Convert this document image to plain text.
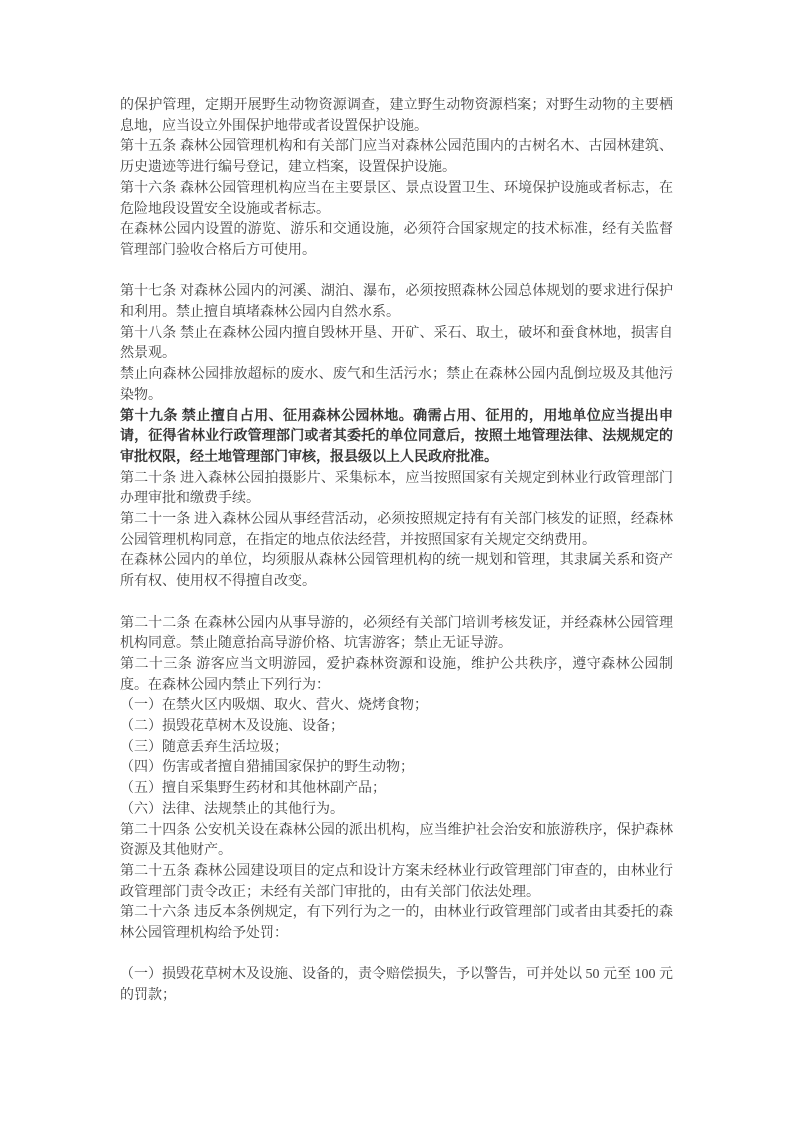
的保护管理，定期开展野生动物资源调查，建立野生动物资源档案；对野生动物的主要栖息地，应当设立外围保护地带或者设置保护设施。

第十五条 森林公园管理机构和有关部门应当对森林公园范围内的古树名木、古园林建筑、历史遗迹等进行编号登记，建立档案，设置保护设施。

第十六条 森林公园管理机构应当在主要景区、景点设置卫生、环境保护设施或者标志，在危险地段设置安全设施或者标志。

在森林公园内设置的游览、游乐和交通设施，必须符合国家规定的技术标准，经有关监督管理部门验收合格后方可使用。

第十七条 对森林公园内的河溪、湖泊、瀑布，必须按照森林公园总体规划的要求进行保护和利用。禁止擅自填堵森林公园内自然水系。

第十八条 禁止在森林公园内擅自毁林开垦、开矿、采石、取土，破坏和蚕食林地，损害自然景观。

禁止向森林公园排放超标的废水、废气和生活污水；禁止在森林公园内乱倒垃圾及其他污染物。

第十九条 禁止擅自占用、征用森林公园林地。确需占用、征用的，用地单位应当提出申请，征得省林业行政管理部门或者其委托的单位同意后，按照土地管理法律、法规规定的审批权限，经土地管理部门审核，报县级以上人民政府批准。

第二十条 进入森林公园拍摄影片、采集标本，应当按照国家有关规定到林业行政管理部门办理审批和缴费手续。

第二十一条 进入森林公园从事经营活动，必须按照规定持有有关部门核发的证照，经森林公园管理机构同意，在指定的地点依法经营，并按照国家有关规定交纳费用。

在森林公园内的单位，均须服从森林公园管理机构的统一规划和管理，其隶属关系和资产所有权、使用权不得擅自改变。

第二十二条 在森林公园内从事导游的，必须经有关部门培训考核发证，并经森林公园管理机构同意。禁止随意抬高导游价格、坑害游客；禁止无证导游。

第二十三条 游客应当文明游园，爱护森林资源和设施，维护公共秩序，遵守森林公园制度。在森林公园内禁止下列行为：

（一）在禁火区内吸烟、取火、营火、烧烤食物；

（二）损毁花草树木及设施、设备；

（三）随意丢弃生活垃圾；

（四）伤害或者擅自猎捕国家保护的野生动物；

（五）擅自采集野生药材和其他林副产品；

（六）法律、法规禁止的其他行为。

第二十四条 公安机关设在森林公园的派出机构，应当维护社会治安和旅游秩序，保护森林资源及其他财产。

第二十五条 森林公园建设项目的定点和设计方案未经林业行政管理部门审查的，由林业行政管理部门责令改正；未经有关部门审批的，由有关部门依法处理。

第二十六条 违反本条例规定，有下列行为之一的，由林业行政管理部门或者由其委托的森林公园管理机构给予处罚：

（一）损毁花草树木及设施、设备的，责令赔偿损失，予以警告，可并处以 50 元至 100 元的罚款；
